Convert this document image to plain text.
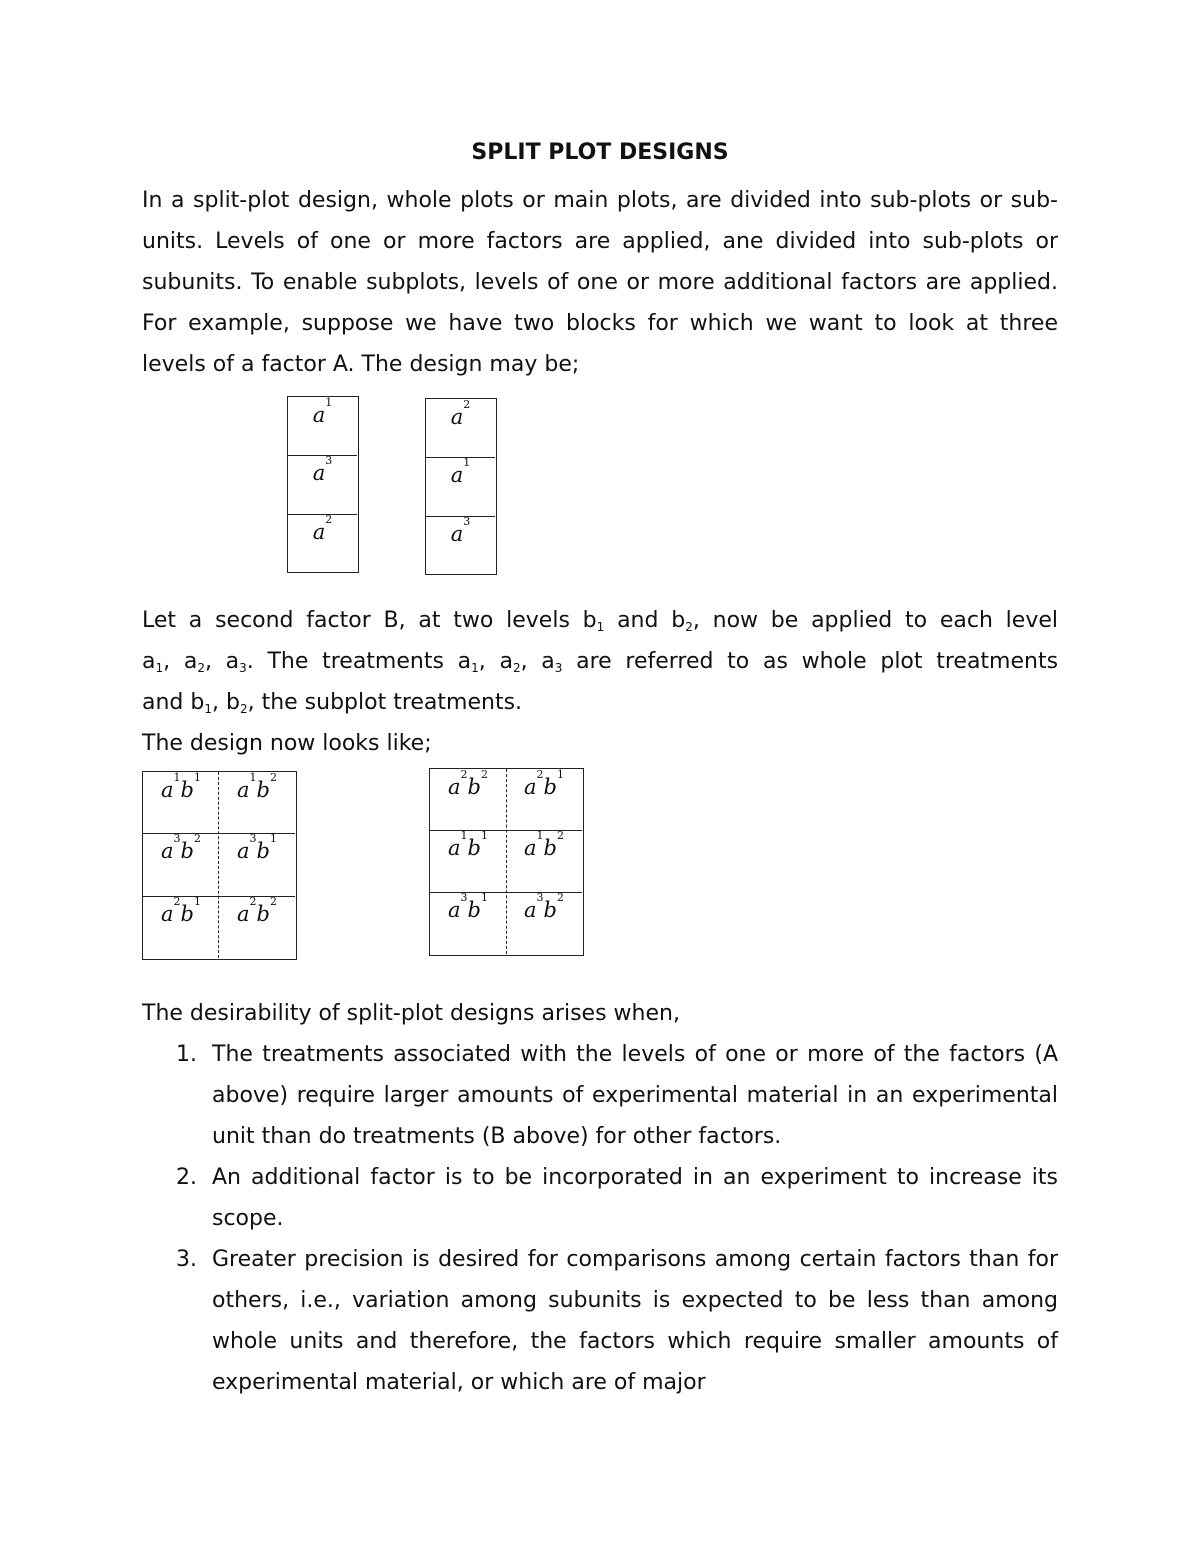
SPLIT PLOT DESIGNS

In a split-plot design, whole plots or main plots, are divided into sub-plots or sub-units. Levels of one or more factors are applied, ane divided into sub-plots or subunits. To enable subplots, levels of one or more additional factors are applied. For example, suppose we have two blocks for which we want to look at three levels of a factor A. The design may be;

a
1
a
3
a
2
a
2
a
1
a
3
Let a second factor B, at two levels $b_1$ and $b_2$, now be applied to each level
$a_1$, $a_2$, $a_3$. The treatments $a_1$, $a_2$, $a_3$ are referred to as whole plot treatments
and $b_1$, $b_2$, the subplot treatments.
The design now looks like;
a
1
b
1
a
1
b
2
a
3
b
2
a
3
b
1
a
2
b
1
a
2
b
2
a
2
b
2
a
2
b
1
a
1
b
1
a
1
b
2
a
3
b
1
a
3
b
2
The desirability of split-plot designs arises when,
1. The treatments associated with the levels of one or more of the factors (A above) require larger amounts of experimental material in an experimental unit than do treatments (B above) for other factors.
2. An additional factor is to be incorporated in an experiment to increase its scope.
3. Greater precision is desired for comparisons among certain factors than for others, i.e., variation among subunits is expected to be less than among whole units and therefore, the factors which require smaller amounts of experimental material, or which are of major
